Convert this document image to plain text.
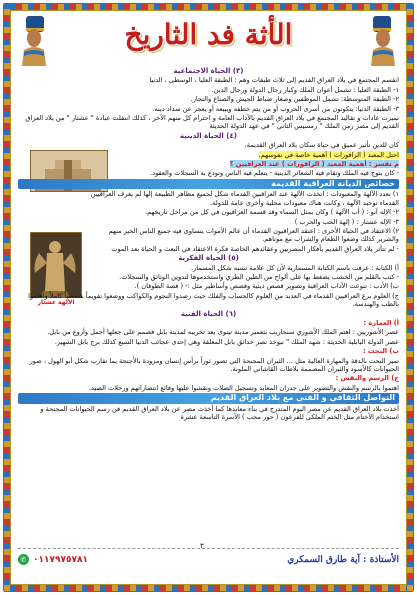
الأثة فد الثاريخ
الآلهة عشتار
(٣) الحياة الاجتماعية
انقسم المجتمع في بلاد العراق القديم إلى ثلاث طبقات وهم : الطبقة العليا ، الوسطى ، الدنيا
١- الطبقة العليا : تشمل أعوان الملك وكبار رجال الدولة ورجال الدين.
٢- الطبقة المتوسطة: تشمل الموظفين وصغار ضباط الجيش والصناع والتجار.
٣- الطبقة الدنيا: يتكونون من أسرى الحروب أو من يتم خطفه ويبيعه أو يعجز عن سداد دينه.
تميزت عادات و تقاليد المجتمع في بلاد العراق القديم بالآداب العامة و احترام كل منهم الآخر ، كذلك انتقلت عبادة " عشتار " من بلاد العراق القديم إلى مصر زمن الملك " رمسيس الثاني " في عهد الدولة الحديثة
(٤) الحياة الدينية
كان للدين تأثير عميق في حياة سكان بلاد العراق القديمة.
احتل المعبد ( الزاقورات ) أهمية خاصة في نفوسهم.
م تفسر : أهمية المعبد ( الزاقورات ) عند العراقيين ؟
- كان يتوج فيه الملك وتقام فيه الشعائر الدينية - يتعلم فيه الناس وتودع به السجلات والعقود.
خصائص الديانة العراقية القديمة
١) تعدد الآلهة والمعبودات : اتخذت الآلهة عند العراقيين القدماء شكل لجميع مظاهر الطبيعة إلها لم يعرف العراقيين القدماء توحيد الآلهة ، وكانت هناك معبودات محلية وأخرى عامة للدولة.
٢- الإله آنو : ( أب الآلهة ) وكان يمثل السماء وقد قسمه العراقيون في كل من مراحل تاريخهم.
٣- الإله عشتار : ( إلهة الحب والحرب )
٢) الاعتقاد في الحياة الأخرى : اعتقد العراقيون القدماء أن عالم الأموات يتساوى فيه جميع الناس الخير منهم والشرير كذلك وضعوا الطعام والشراب مع موتاهم.
- لم تتأثر بلاد العراق القديم بأفكار المصريين وعقائدهم الخاصة فكرة الاعتقاد في البعث و الحياة بعد الموت
(٥) الحياة الفكرية
أ) الكتابة : عرفت باسم الكتابة المسمارية لأن كل علامة تشبه شكل المسمار.
- كتب بالقلم من الخشب يضغط بها على ألواح من الطين الطري واستخدموها لتدوين الوثائق والسجلات.
ب) الأدب : تنوعت الآداب العراقية وتصوير قصص دينية وقصص وأساطير مثل :- ( قصة الطوفان ).
ج) العلوم برع العراقيين القدماء في العديد من العلوم كالحساب والفلك حيث رصدوا النجوم والكواكب ووضعوا تقويماً شمسياً كاملاً واهتموا بالطب والهندسة.
(٦) الحياة الفنية
أ) العمارة :
عصر الأشوريين : اهتم الملك الأشوري سنحاريب بتعمير مدينة نينوى بعد تخريبه لمدينة بابل فصمم على جعلها أجمل وأروع من بابل.
عصر الدولة البابلية الحديثة : شهد الملك " نبوخذ نصر حدائق بابل المعلقة وهي إحدى عجائب الدنيا السبع كذلك برج بابل الشهير.
ب) النحت :
تميز النحت بالدقة والمهارة العالية مثل ... الثيران المجنحة التي تصور ثوراً برأس إنسان ومزودة بالأجنحة بما تقارب شكل أبو الهول ، صور الحيوانات كالأسود والثيران المصممة بلاطات القاشاني الملونة.
ج) الرسم والنقش :
اهتموا بالرسم والنقش والتصوير على جدران المعابد وتسجيل الصلات ونقشوا عليها وقائع انتصاراتهم ورحلات الصيد.
التواصل الثقافي و الفني مع بلاد العراق القديم
أخذت بلاد العراق القديم عن مصر اليوم المتدرج في بناء معابدها كما أخذت مصر عن بلاد العراق القديم فن رسم الحيوانات المجنحة و استخدام الأختام مثل الختم الملكي للفرعون ( حور محب ) الأسرة التاسعة عشرة
٣
الأستاذة : آية طارق السمكري
✆ ٠١١٧٩٧٥٧٨١
